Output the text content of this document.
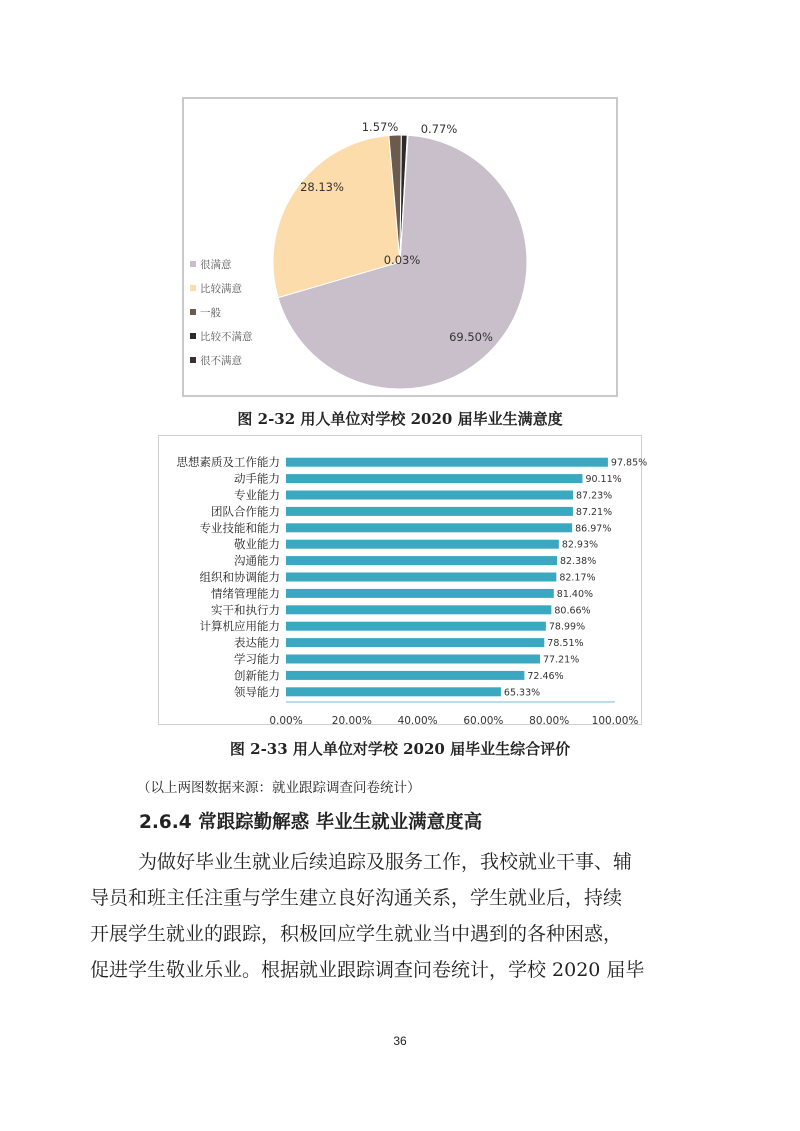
69.50%
28.13%
1.57% 0.77%
0.03%
很满意
比较满意
一般
比较不满意
很不满意
图 2-32 用人单位对学校 2020 届毕业生满意度
思想素质及工作能力	97.85%
动手能力	90.11%
专业能力	87.23%
团队合作能力	87.21%
专业技能和能力	86.97%
敬业能力	82.93%
沟通能力	82.38%
组织和协调能力	82.17%
情绪管理能力	81.40%
实干和执行力	80.66%
计算机应用能力	78.99%
表达能力	78.51%
学习能力	77.21%
创新能力	72.46%
领导能力	65.33%
0.00%	20.00% 40.00% 60.00% 80.00% 100.00%
图 2-33 用人单位对学校 2020 届毕业生综合评价
（以上两图数据来源：就业跟踪调查问卷统计）
2.6.4 常跟踪勤解惑 毕业生就业满意度高
为做好毕业生就业后续追踪及服务工作，我校就业干事、辅
导员和班主任注重与学生建立良好沟通关系，学生就业后，持续
开展学生就业的跟踪，积极回应学生就业当中遇到的各种困惑，
促进学生敬业乐业。根据就业跟踪调查问卷统计，学校 2020 届毕
36
